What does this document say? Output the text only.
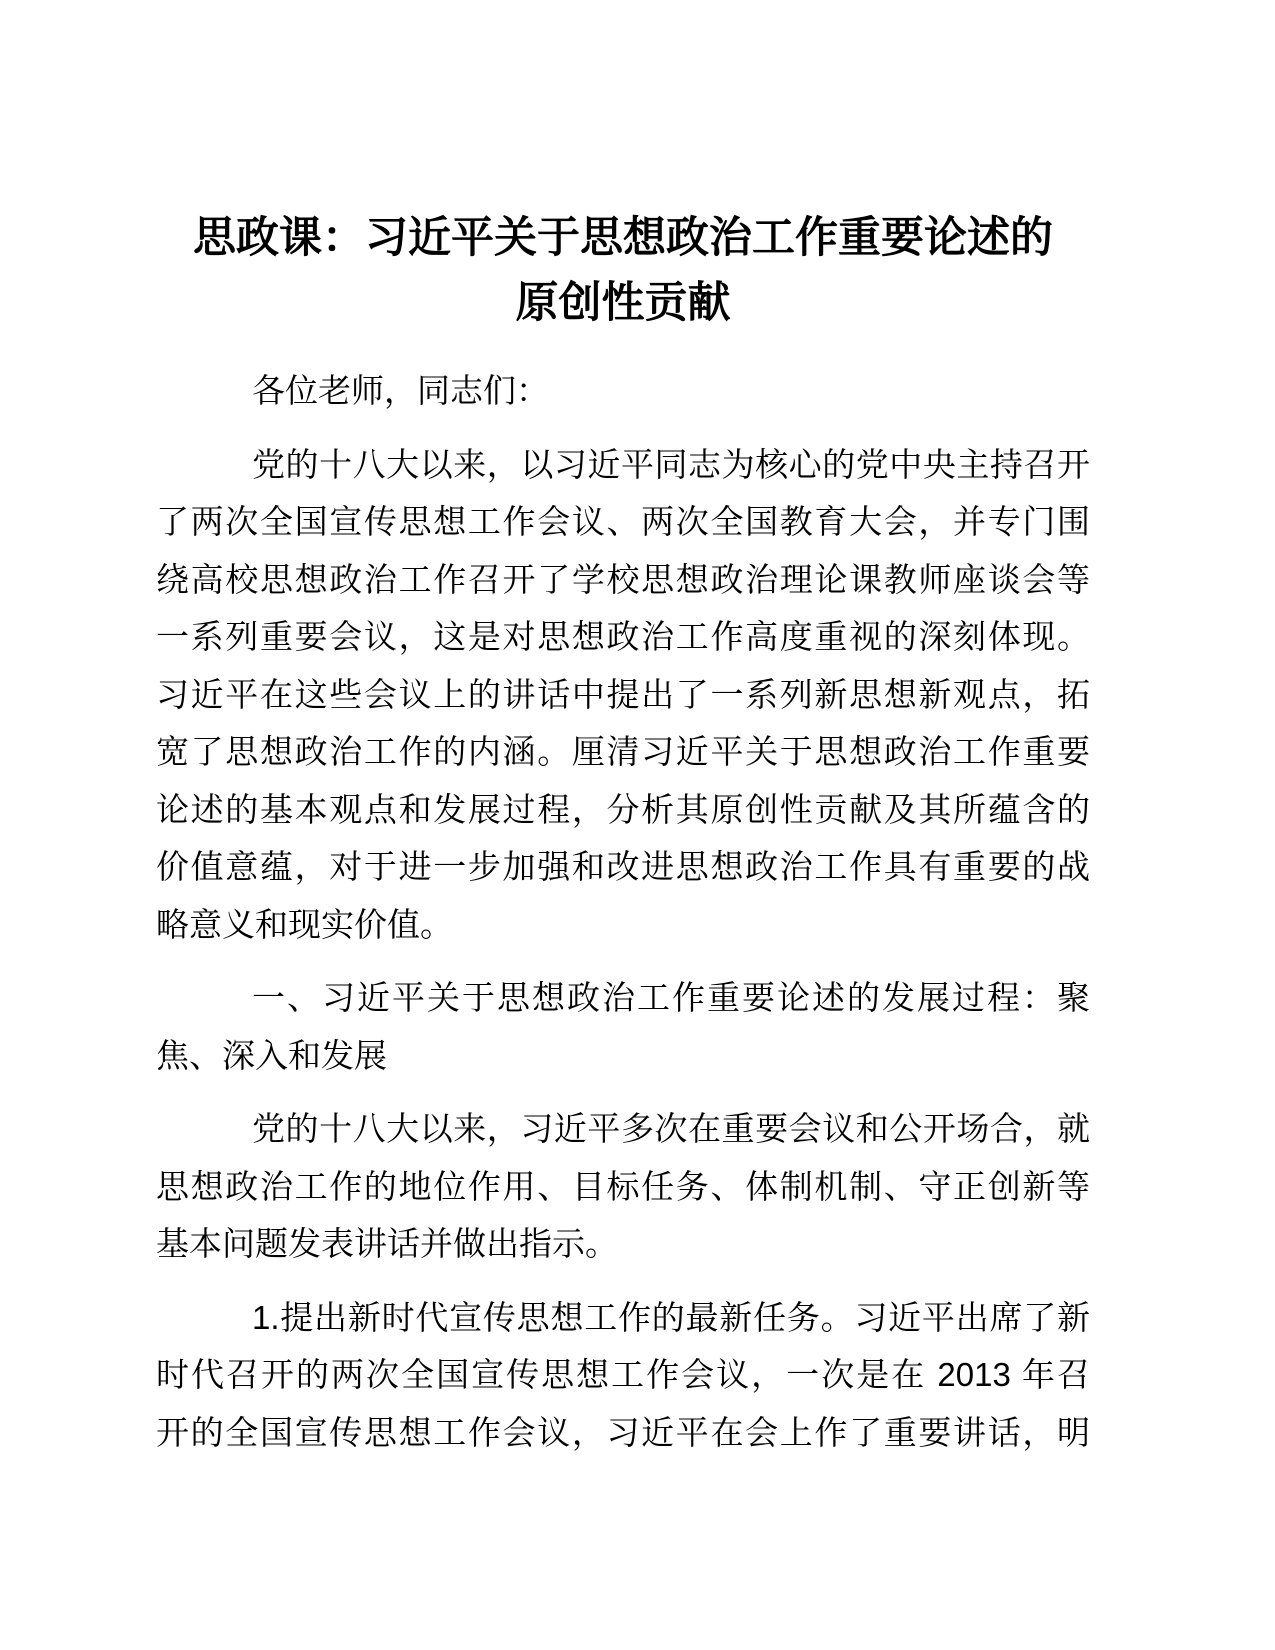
思政课：习近平关于思想政治工作重要论述的
原创性贡献
各位老师，同志们：
党的十八大以来，以习近平同志为核心的党中央主持召开
了两次全国宣传思想工作会议、两次全国教育大会，并专门围
绕高校思想政治工作召开了学校思想政治理论课教师座谈会等
一系列重要会议，这是对思想政治工作高度重视的深刻体现。
习近平在这些会议上的讲话中提出了一系列新思想新观点，拓
宽了思想政治工作的内涵。厘清习近平关于思想政治工作重要
论述的基本观点和发展过程，分析其原创性贡献及其所蕴含的
价值意蕴，对于进一步加强和改进思想政治工作具有重要的战
略意义和现实价值。
一、习近平关于思想政治工作重要论述的发展过程：聚
焦、深入和发展
党的十八大以来，习近平多次在重要会议和公开场合，就
思想政治工作的地位作用、目标任务、体制机制、守正创新等
基本问题发表讲话并做出指示。
1.提出新时代宣传思想工作的最新任务。习近平出席了新
时代召开的两次全国宣传思想工作会议，一次是在 2013 年召
开的全国宣传思想工作会议，习近平在会上作了重要讲话，明
